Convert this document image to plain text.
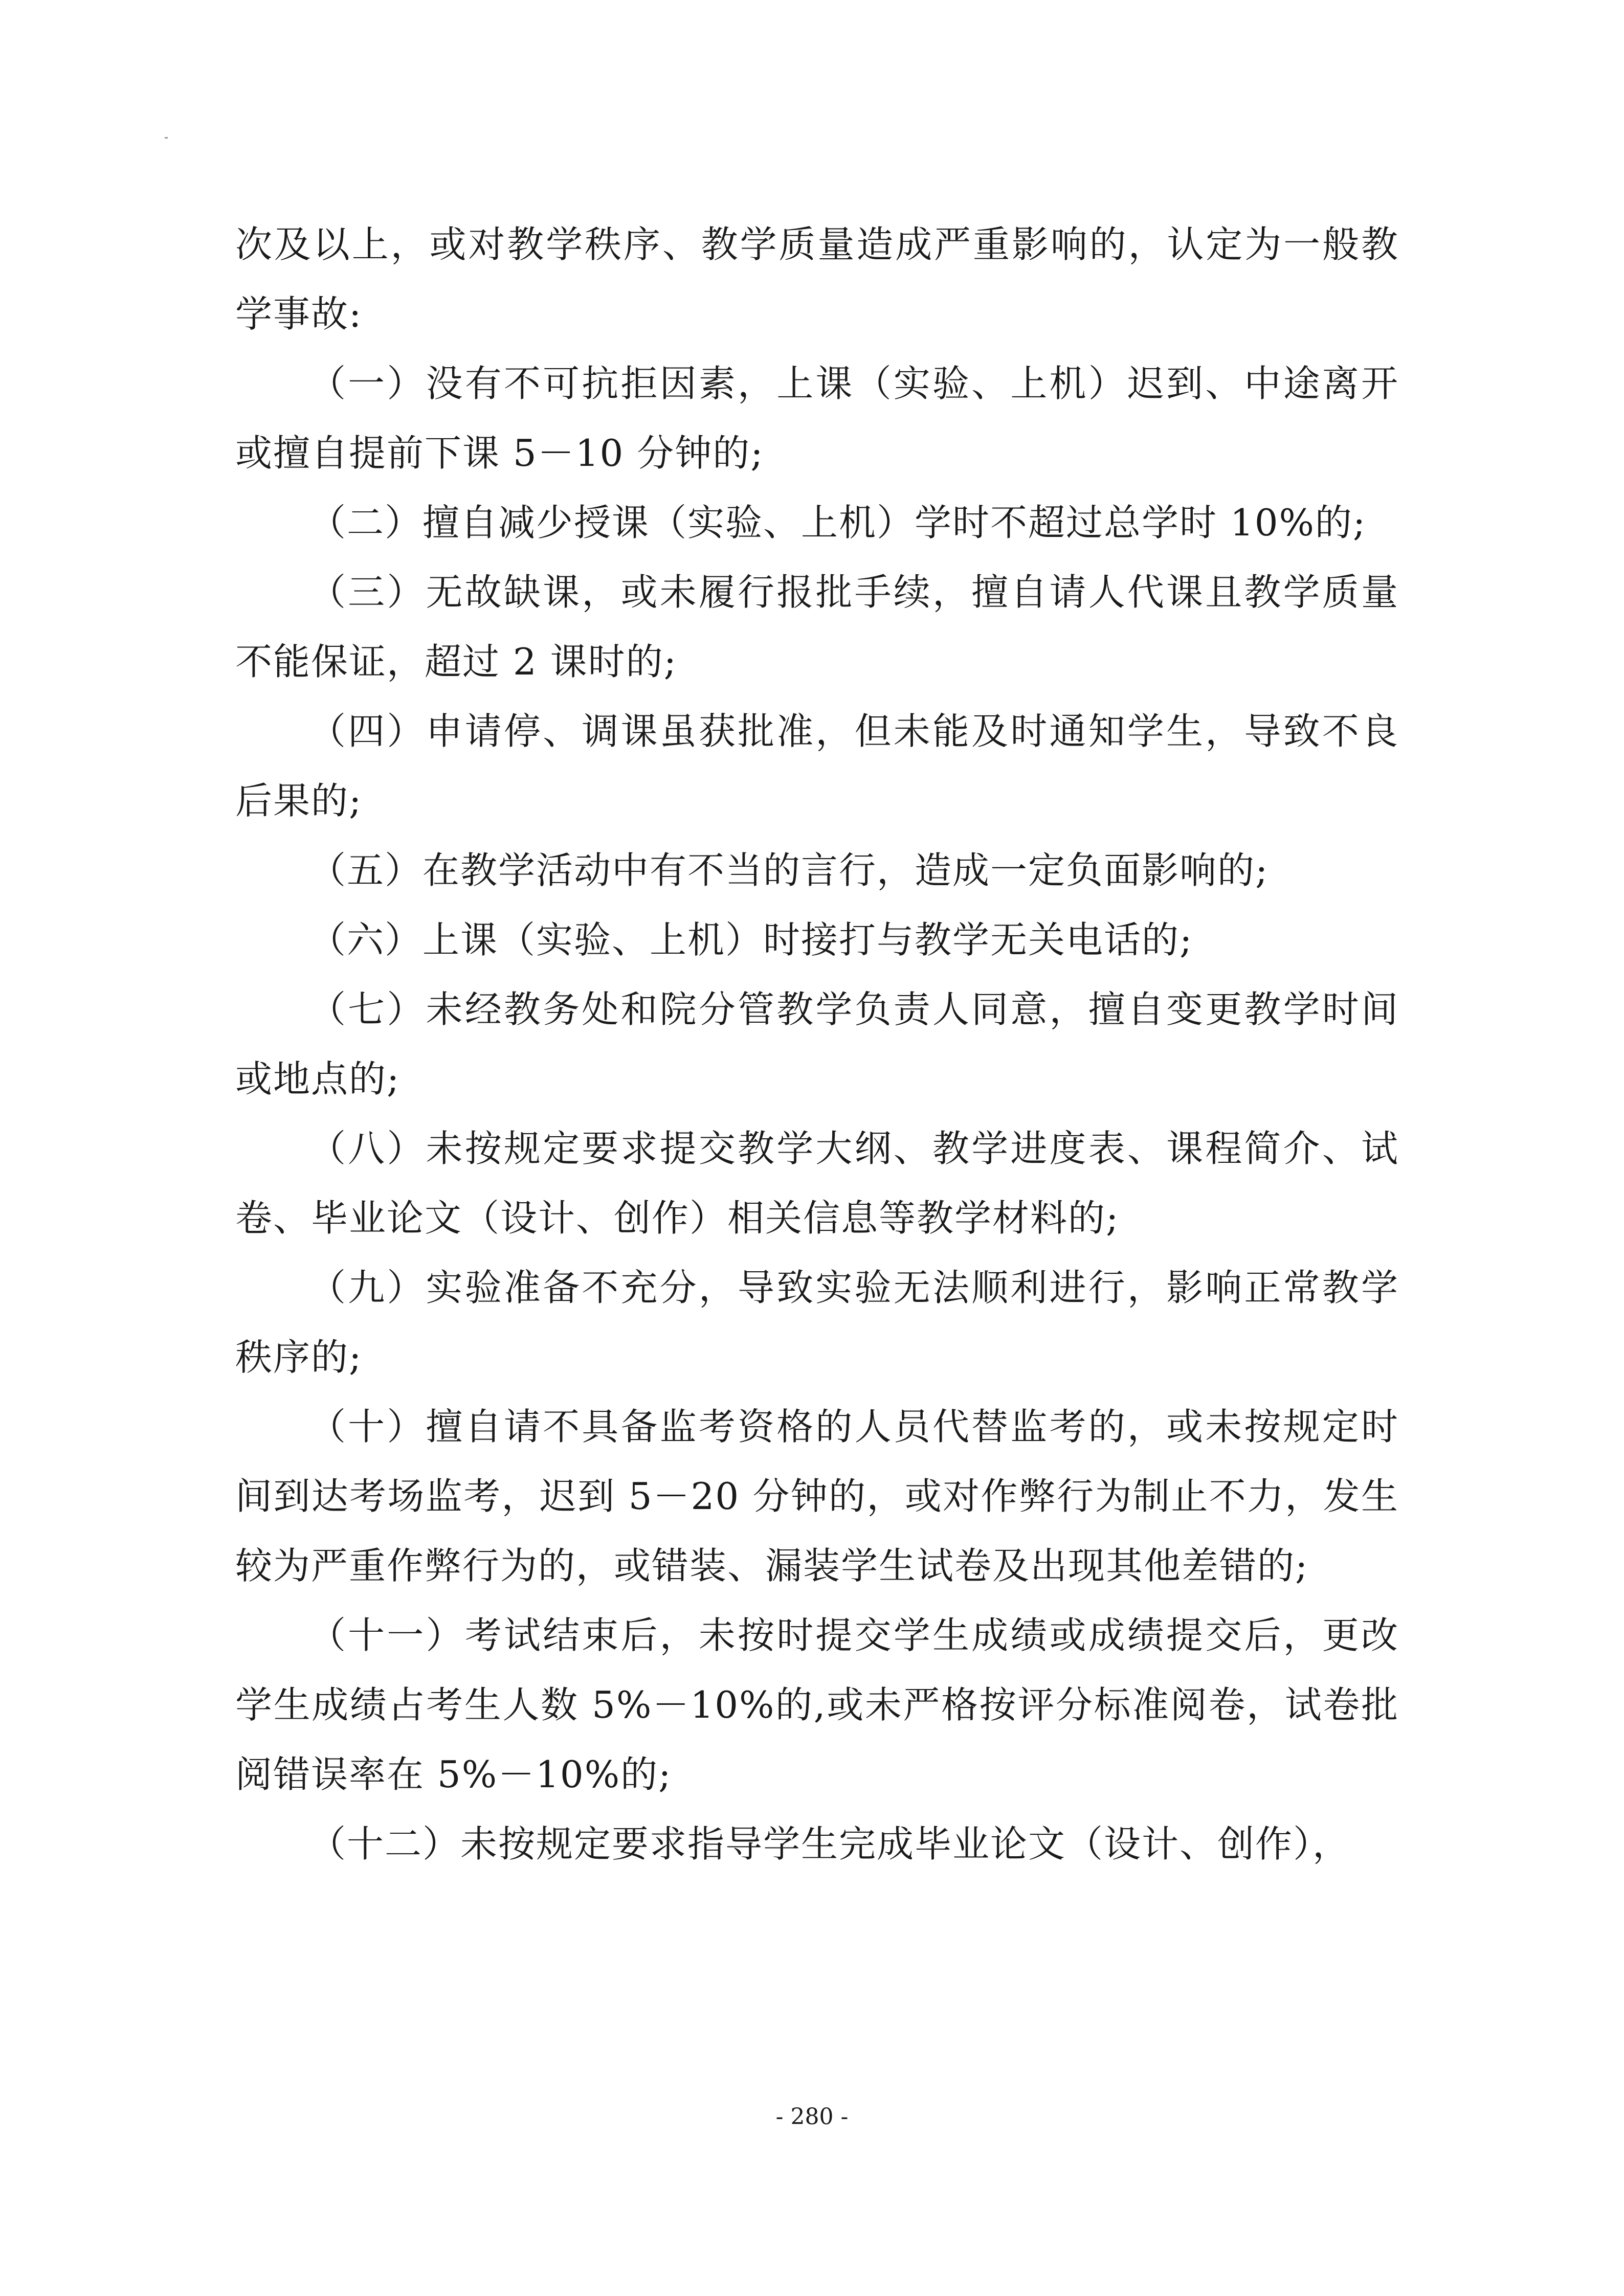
次及以上，或对教学秩序、教学质量造成严重影响的，认定为一般教学事故:

（一）没有不可抗拒因素，上课（实验、上机）迟到、中途离开或擅自提前下课 5－10 分钟的;

（二）擅自减少授课（实验、上机）学时不超过总学时 10%的;

（三）无故缺课，或未履行报批手续，擅自请人代课且教学质量不能保证，超过 2 课时的;

（四）申请停、调课虽获批准，但未能及时通知学生，导致不良后果的;

（五）在教学活动中有不当的言行，造成一定负面影响的;

（六）上课（实验、上机）时接打与教学无关电话的;

（七）未经教务处和院分管教学负责人同意，擅自变更教学时间或地点的;

（八）未按规定要求提交教学大纲、教学进度表、课程简介、试卷、毕业论文（设计、创作）相关信息等教学材料的;

（九）实验准备不充分，导致实验无法顺利进行，影响正常教学秩序的;

（十）擅自请不具备监考资格的人员代替监考的，或未按规定时间到达考场监考，迟到 5－20 分钟的，或对作弊行为制止不力，发生较为严重作弊行为的，或错装、漏装学生试卷及出现其他差错的;

（十一）考试结束后，未按时提交学生成绩或成绩提交后，更改学生成绩占考生人数 5%－10%的,或未严格按评分标准阅卷，试卷批阅错误率在 5%－10%的;

（十二）未按规定要求指导学生完成毕业论文（设计、创作），

- 280 -
